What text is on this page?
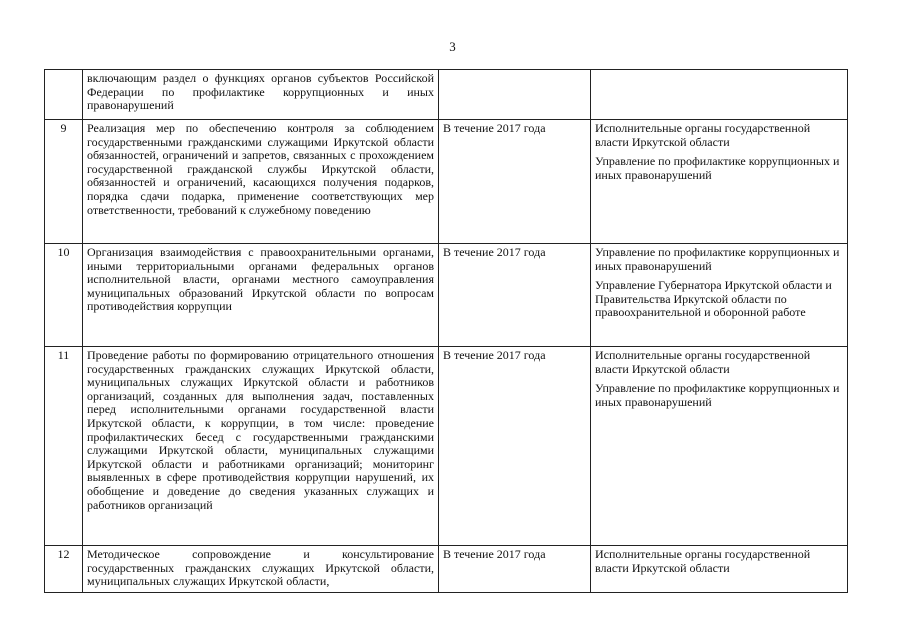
3
	включающим раздел о функциях органов субъектов Российской Федерации по профилактике коррупционных и иных правонарушений		
9	Реализация мер по обеспечению контроля за соблюдением государственными гражданскими служащими Иркутской области обязанностей, ограничений и запретов, связанных с прохождением государственной гражданской службы Иркутской области, обязанностей и ограничений, касающихся получения подарков, порядка сдачи подарка, применение соответствующих мер ответственности, требований к служебному поведению	В течение 2017 года	Исполнительные органы государственной власти Иркутской области

Управление по профилактике коррупционных и иных правонарушений

10	Организация взаимодействия с правоохранительными органами, иными территориальными органами федеральных органов исполнительной власти, органами местного самоуправления муниципальных образований Иркутской области по вопросам противодействия коррупции	В течение 2017 года	Управление по профилактике коррупционных и иных правонарушений

Управление Губернатора Иркутской области и Правительства Иркутской области по правоохранительной и оборонной работе

11	Проведение работы по формированию отрицательного отношения государственных гражданских служащих Иркутской области, муниципальных служащих Иркутской области и работников организаций, созданных для выполнения задач, поставленных перед исполнительными органами государственной власти Иркутской области, к коррупции, в том числе: проведение профилактических бесед с государственными гражданскими служащими Иркутской области, муниципальных служащими Иркутской области и работниками организаций; мониторинг выявленных в сфере противодействия коррупции нарушений, их обобщение и доведение до сведения указанных служащих и работников организаций	В течение 2017 года	Исполнительные органы государственной власти Иркутской области

Управление по профилактике коррупционных и иных правонарушений

12	Методическое сопровождение и консультирование государственных гражданских служащих Иркутской области, муниципальных служащих Иркутской области,	В течение 2017 года	Исполнительные органы государственной власти Иркутской области
